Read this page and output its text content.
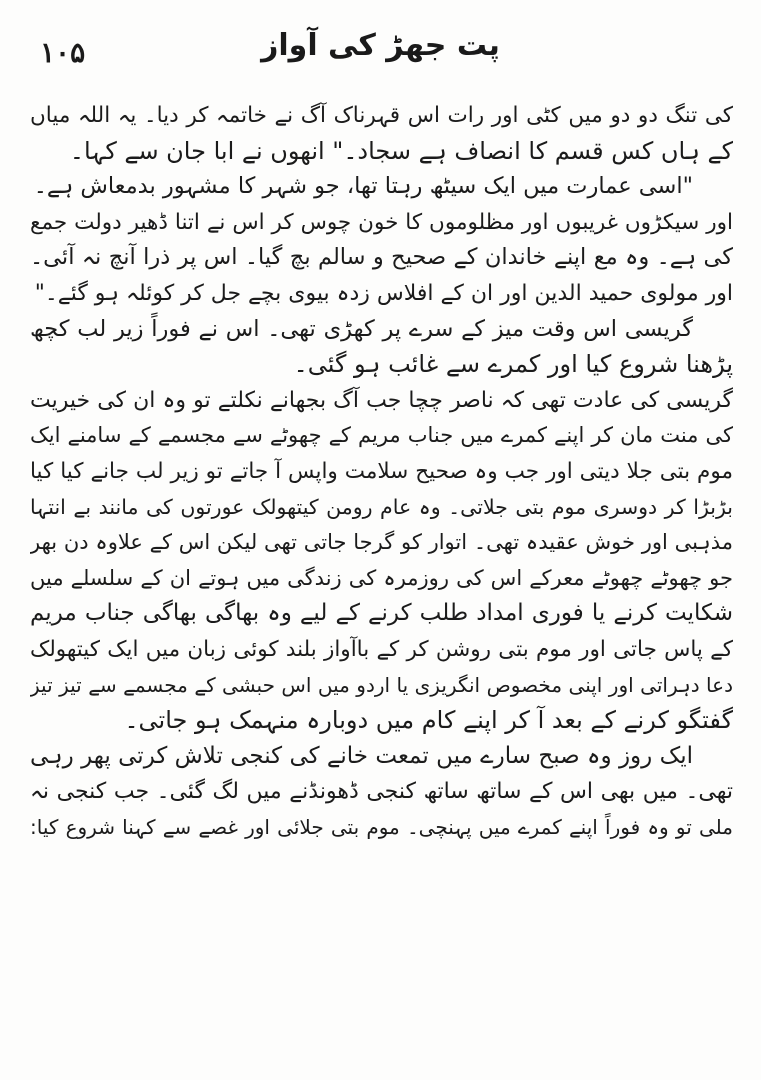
۱۰۵	پت جھڑ کی آواز
کی تنگ دو دو میں کٹی اور رات اس قہرناک آگ نے خاتمہ کر دیا۔ یہ اللہ میاں
کے ہاں کس قسم کا انصاف ہے سجاد۔" انھوں نے ابا جان سے کہا۔
"اسی عمارت میں ایک سیٹھ رہتا تھا، جو شہر کا مشہور بدمعاش ہے۔
اور سیکڑوں غریبوں اور مظلوموں کا خون چوس کر اس نے اتنا ڈھیر دولت جمع
کی ہے۔ وہ مع اپنے خاندان کے صحیح و سالم بچ گیا۔ اس پر ذرا آنچ نہ آئی۔
اور مولوی حمید الدین اور ان کے افلاس زدہ بیوی بچے جل کر کوئلہ ہو گئے۔"
گریسی اس وقت میز کے سرے پر کھڑی تھی۔ اس نے فوراً زیر لب کچھ
پڑھنا شروع کیا اور کمرے سے غائب ہو گئی۔
گریسی کی عادت تھی کہ ناصر چچا جب آگ بجھانے نکلتے تو وہ ان کی خیریت
کی منت مان کر اپنے کمرے میں جناب مریم کے چھوٹے سے مجسمے کے سامنے ایک
موم بتی جلا دیتی اور جب وہ صحیح سلامت واپس آ جاتے تو زیر لب جانے کیا کیا
بڑبڑا کر دوسری موم بتی جلاتی۔ وہ عام رومن کیتھولک عورتوں کی مانند بے انتہا
مذہبی اور خوش عقیدہ تھی۔ اتوار کو گرجا جاتی تھی لیکن اس کے علاوہ دن بھر
جو چھوٹے چھوٹے معرکے اس کی روزمرہ کی زندگی میں ہوتے ان کے سلسلے میں
شکایت کرنے یا فوری امداد طلب کرنے کے لیے وہ بھاگی بھاگی جناب مریم
کے پاس جاتی اور موم بتی روشن کر کے باآواز بلند کوئی زبان میں ایک کیتھولک
دعا دہراتی اور اپنی مخصوص انگریزی یا اردو میں اس حبشی کے مجسمے سے تیز تیز
گفتگو کرنے کے بعد آ کر اپنے کام میں دوبارہ منہمک ہو جاتی۔
ایک روز وہ صبح سارے میں تمعت خانے کی کنجی تلاش کرتی پھر رہی
تھی۔ میں بھی اس کے ساتھ ساتھ کنجی ڈھونڈنے میں لگ گئی۔ جب کنجی نہ
ملی تو وہ فوراً اپنے کمرے میں پہنچی۔ موم بتی جلائی اور غصے سے کہنا شروع کیا:
